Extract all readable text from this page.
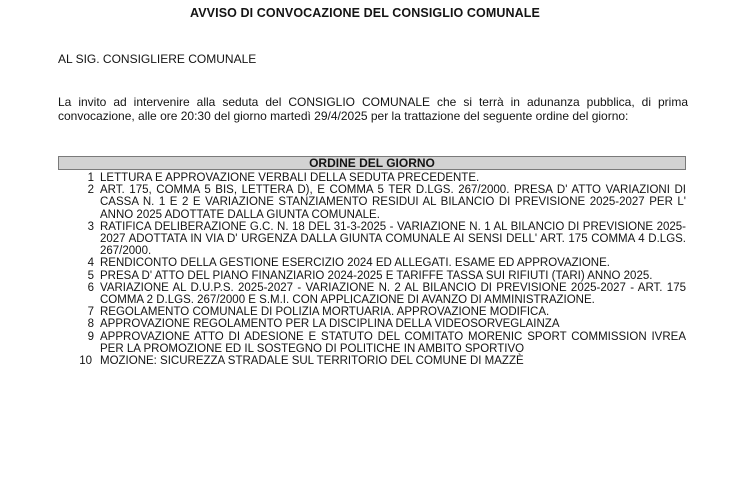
AVVISO DI CONVOCAZIONE DEL CONSIGLIO COMUNALE
AL SIG. CONSIGLIERE COMUNALE
La invito ad intervenire alla seduta del CONSIGLIO COMUNALE che si terrà in adunanza pubblica, di prima convocazione, alle ore 20:30 del giorno martedì 29/4/2025 per la trattazione del seguente ordine del giorno:
ORDINE DEL GIORNO
1 LETTURA E APPROVAZIONE VERBALI DELLA SEDUTA PRECEDENTE.
2 ART. 175, COMMA 5 BIS, LETTERA D), E COMMA 5 TER D.LGS. 267/2000. PRESA D' ATTO VARIAZIONI DI CASSA N. 1 E 2 E VARIAZIONE STANZIAMENTO RESIDUI AL BILANCIO DI PREVISIONE 2025-2027 PER L' ANNO 2025 ADOTTATE DALLA GIUNTA COMUNALE.
3 RATIFICA DELIBERAZIONE G.C. N. 18 DEL 31-3-2025 - VARIAZIONE N. 1 AL BILANCIO DI PREVISIONE 2025-2027 ADOTTATA IN VIA D' URGENZA DALLA GIUNTA COMUNALE AI SENSI DELL' ART. 175 COMMA 4 D.LGS. 267/2000.
4 RENDICONTO DELLA GESTIONE ESERCIZIO 2024 ED ALLEGATI. ESAME ED APPROVAZIONE.
5 PRESA D' ATTO DEL PIANO FINANZIARIO 2024-2025 E TARIFFE TASSA SUI RIFIUTI (TARI) ANNO 2025.
6 VARIAZIONE AL D.U.P.S. 2025-2027 - VARIAZIONE N. 2 AL BILANCIO DI PREVISIONE 2025-2027 - ART. 175 COMMA 2 D.LGS. 267/2000 E S.M.I. CON APPLICAZIONE DI AVANZO DI AMMINISTRAZIONE.
7 REGOLAMENTO COMUNALE DI POLIZIA MORTUARIA. APPROVAZIONE MODIFICA.
8 APPROVAZIONE REGOLAMENTO PER LA DISCIPLINA DELLA VIDEOSORVEGLAINZA
9 APPROVAZIONE ATTO DI ADESIONE E STATUTO DEL COMITATO MORENIC SPORT COMMISSION IVREA PER LA PROMOZIONE ED IL SOSTEGNO DI POLITICHE IN AMBITO SPORTIVO
10 MOZIONE: SICUREZZA STRADALE SUL TERRITORIO DEL COMUNE DI MAZZÈ
